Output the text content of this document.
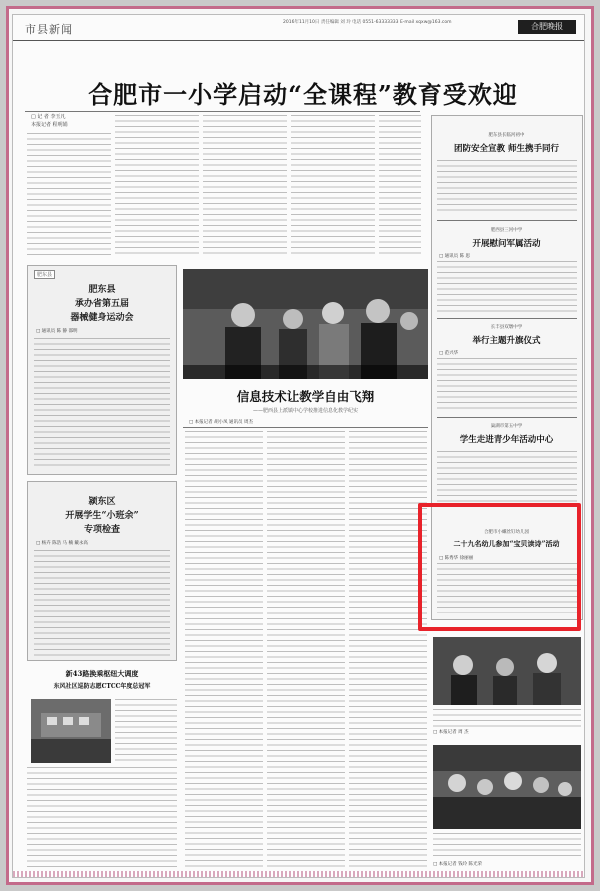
市县新闻
2016年11月10日 责任编辑 刘 玲 电话 0551-63333333 E-mail xqxw@163.com	合肥晚报
合肥市一小学启动“全课程”教育受欢迎
□ 记 者 李玉凡
本报记者 程明娟
肥东县
肥东县
承办省第五届
器械健身运动会
□ 通讯员 陈 静 邵明
颍东区
开展学生“小班余”
专项检查
□ 杨卉 陈浩 马 楠 戴永高
新43路换乘枢纽大调度
东风社区巡防志愿CTCC年度总冠军
信息技术让教学自由飞翔
——肥西县上派镇中心学校推进信息化教学纪实
□ 本报记者 胡小凤 通讯员 周杰
肥东县长临河初中
团防安全宣教 师生携手同行
肥西县三河中学
开展慰问军属活动
□ 通讯员 陈 思
长丰县双墩中学
举行主题升旗仪式
□ 范兴华
巢湖市第五中学
学生走进青少年活动中心
合肥市小螺丝钉幼儿园
二十九名幼儿参加“宝贝读诗”活动
□ 陈秀华 徐丽丽
□ 本报记者 周 杰
□ 本报记者 钱玲 陈光荣
